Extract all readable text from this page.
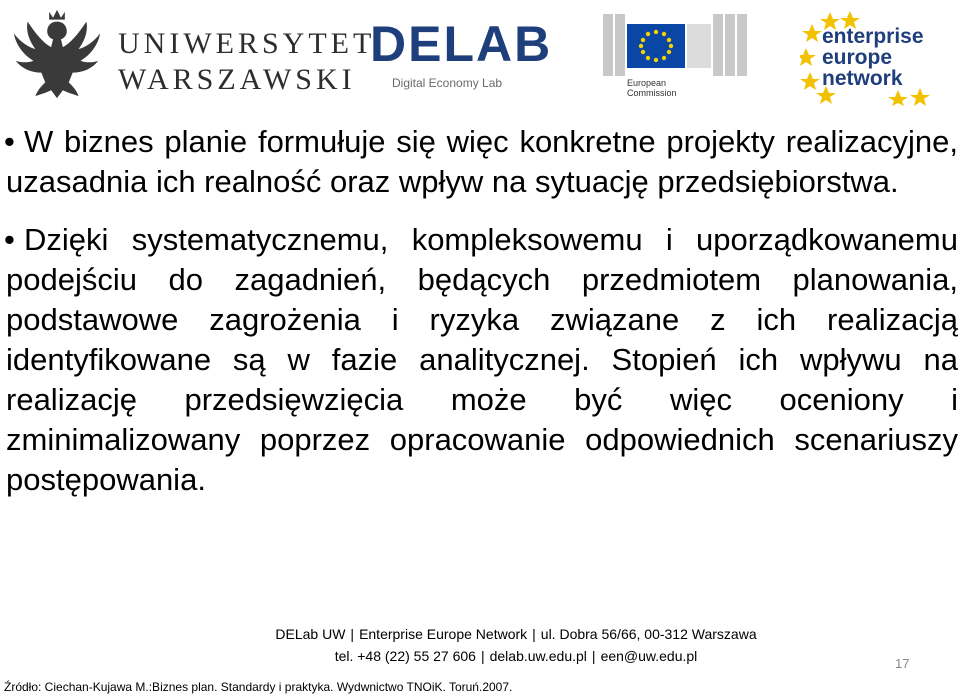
UNIWERSYTET
WARSZAWSKI
DELAB
Digital Economy Lab	European
Commission
enterprise
europe
network
• W biznes planie formułuje się więc konkretne projekty realizacyjne, uzasadnia ich realność oraz wpływ na sytuację przedsiębiorstwa.
• Dzięki systematycznemu, kompleksowemu i uporządkowanemu podejściu do zagadnień, będących przedmiotem planowania, podstawowe zagrożenia i ryzyka związane z ich realizacją identyfikowane są w fazie analitycznej. Stopień ich wpływu na realizację przedsięwzięcia może być więc oceniony i zminimalizowany poprzez opracowanie odpowiednich scenariuszy postępowania.
DELab UW | Enterprise Europe Network | ul. Dobra 56/66, 00-312 Warszawa
tel. +48 (22) 55 27 606 | delab.uw.edu.pl | een@uw.edu.pl	17
Źródło: Ciechan-Kujawa M.:Biznes plan. Standardy i praktyka. Wydwnictwo TNOiK. Toruń.2007.
